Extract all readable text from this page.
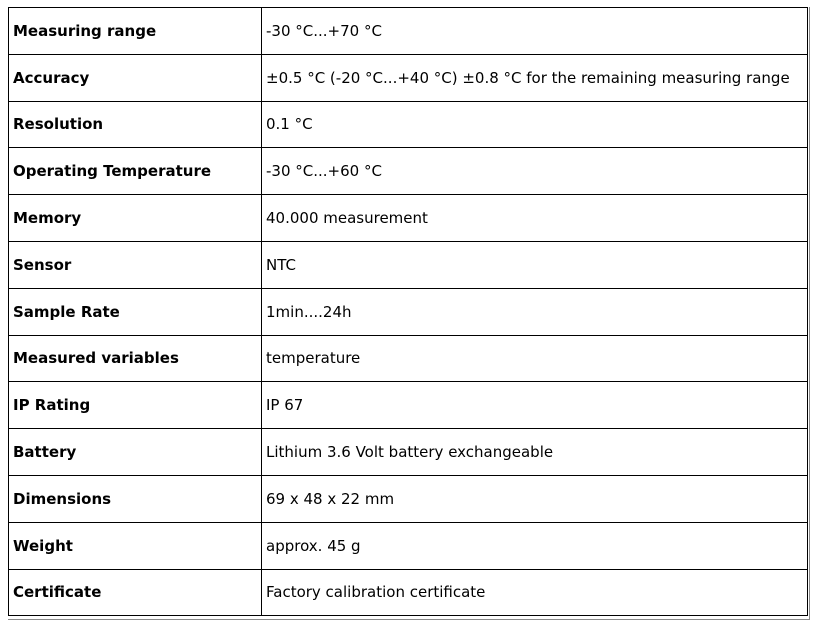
Measuring range	-30 °C...+70 °C
Accuracy	±0.5 °C (-20 °C...+40 °C) ±0.8 °C for the remaining measuring range
Resolution	0.1 °C
Operating Temperature	-30 °C...+60 °C
Memory	40.000 measurement
Sensor	NTC
Sample Rate	1min....24h
Measured variables	temperature
IP Rating	IP 67
Battery	Lithium 3.6 Volt battery exchangeable
Dimensions	69 x 48 x 22 mm
Weight	approx. 45 g
Certificate	Factory calibration certificate
